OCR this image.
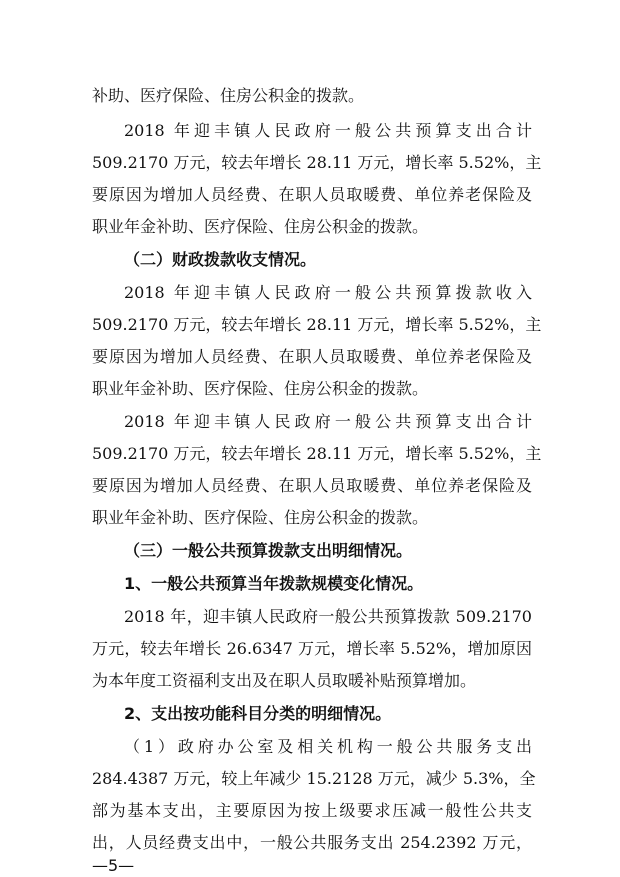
补助、医疗保险、住房公积金的拨款。
2018 年迎丰镇人民政府一般公共预算支出合计
509.2170 万元，较去年增长 28.11 万元，增长率 5.52%，主
要原因为增加人员经费、在职人员取暖费、单位养老保险及
职业年金补助、医疗保险、住房公积金的拨款。
（二）财政拨款收支情况。
2018 年迎丰镇人民政府一般公共预算拨款收入
509.2170 万元，较去年增长 28.11 万元，增长率 5.52%，主
要原因为增加人员经费、在职人员取暖费、单位养老保险及
职业年金补助、医疗保险、住房公积金的拨款。
2018 年迎丰镇人民政府一般公共预算支出合计
509.2170 万元，较去年增长 28.11 万元，增长率 5.52%，主
要原因为增加人员经费、在职人员取暖费、单位养老保险及
职业年金补助、医疗保险、住房公积金的拨款。
（三）一般公共预算拨款支出明细情况。
1、一般公共预算当年拨款规模变化情况。
2018 年，迎丰镇人民政府一般公共预算拨款 509.2170
万元，较去年增长 26.6347 万元，增长率 5.52%，增加原因
为本年度工资福利支出及在职人员取暖补贴预算增加。
2、支出按功能科目分类的明细情况。
（1）政府办公室及相关机构一般公共服务支出
284.4387 万元，较上年减少 15.2128 万元，减少 5.3%，全
部为基本支出，主要原因为按上级要求压减一般性公共支
出，人员经费支出中，一般公共服务支出 254.2392 万元，
—5—
